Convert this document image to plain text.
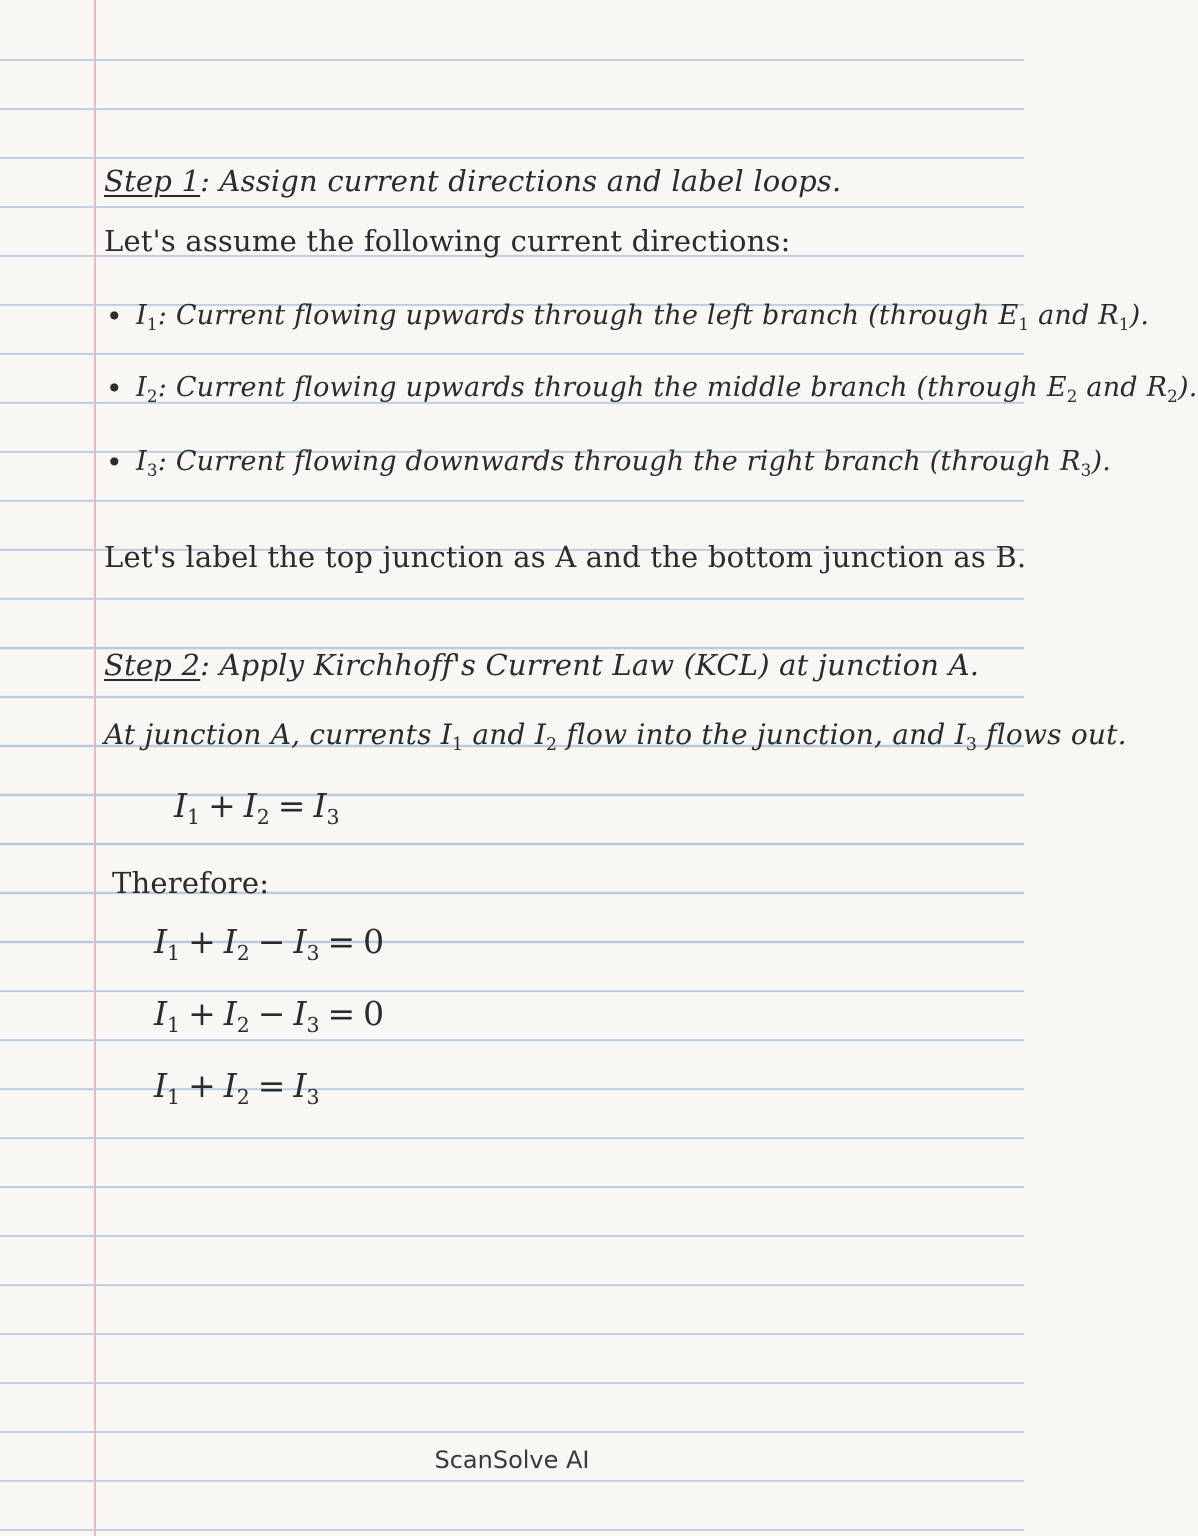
Step 1: Assign current directions and label loops.
Let's assume the following current directions:
• $I_1$: Current flowing upwards through the left branch (through $E_1$ and $R_1$).
• $I_2$: Current flowing upwards through the middle branch (through $E_2$ and $R_2$).
• $I_3$: Current flowing downwards through the right branch (through $R_3$).
Let's label the top junction as A and the bottom junction as B.
Step 2: Apply Kirchhoff's Current Law (KCL) at junction A.
At junction A, currents $I_1$ and $I_2$ flow into the junction, and $I_3$ flows out.
$I_1 + I_2 = I_3$
Therefore:
$I_1 + I_2 - I_3 = 0$
$I_1 + I_2 - I_3 = 0$
$I_1 + I_2 = I_3$
ScanSolve AI
